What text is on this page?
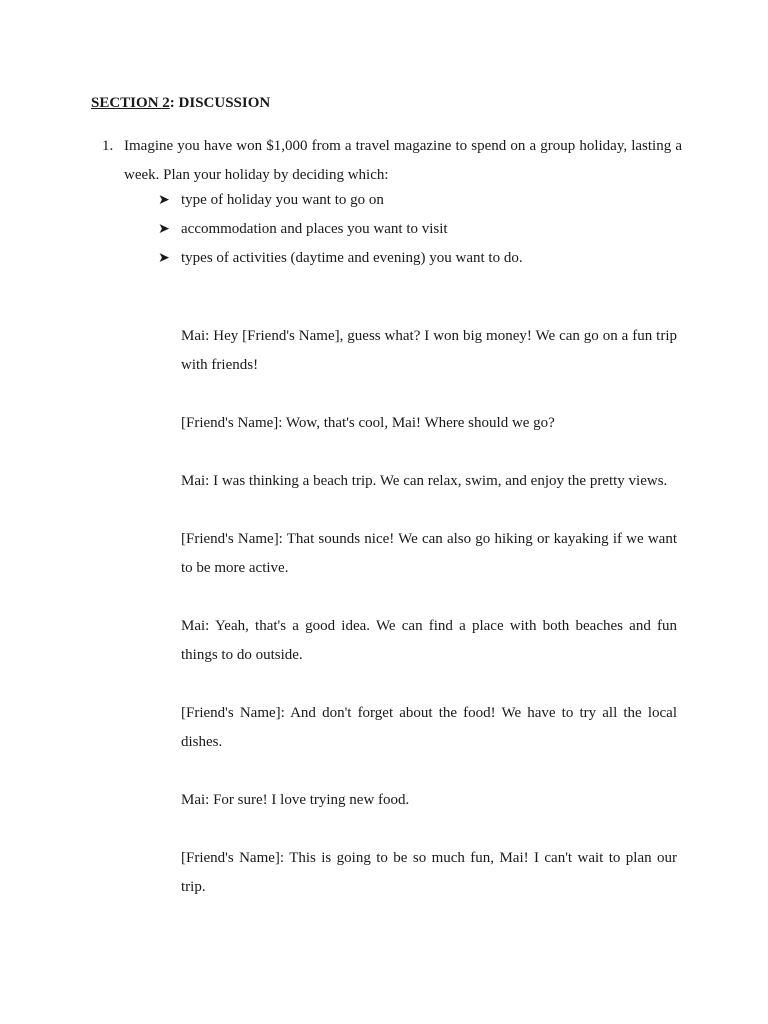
SECTION 2: DISCUSSION
1. Imagine you have won $1,000 from a travel magazine to spend on a group holiday, lasting a week. Plan your holiday by deciding which:
➤ type of holiday you want to go on
➤ accommodation and places you want to visit
➤ types of activities (daytime and evening) you want to do.

Mai: Hey [Friend's Name], guess what? I won big money! We can go on a fun trip with friends!

[Friend's Name]: Wow, that's cool, Mai! Where should we go?

Mai: I was thinking a beach trip. We can relax, swim, and enjoy the pretty views.

[Friend's Name]: That sounds nice! We can also go hiking or kayaking if we want to be more active.

Mai: Yeah, that's a good idea. We can find a place with both beaches and fun things to do outside.

[Friend's Name]: And don't forget about the food! We have to try all the local dishes.

Mai: For sure! I love trying new food.

[Friend's Name]: This is going to be so much fun, Mai! I can't wait to plan our trip.
